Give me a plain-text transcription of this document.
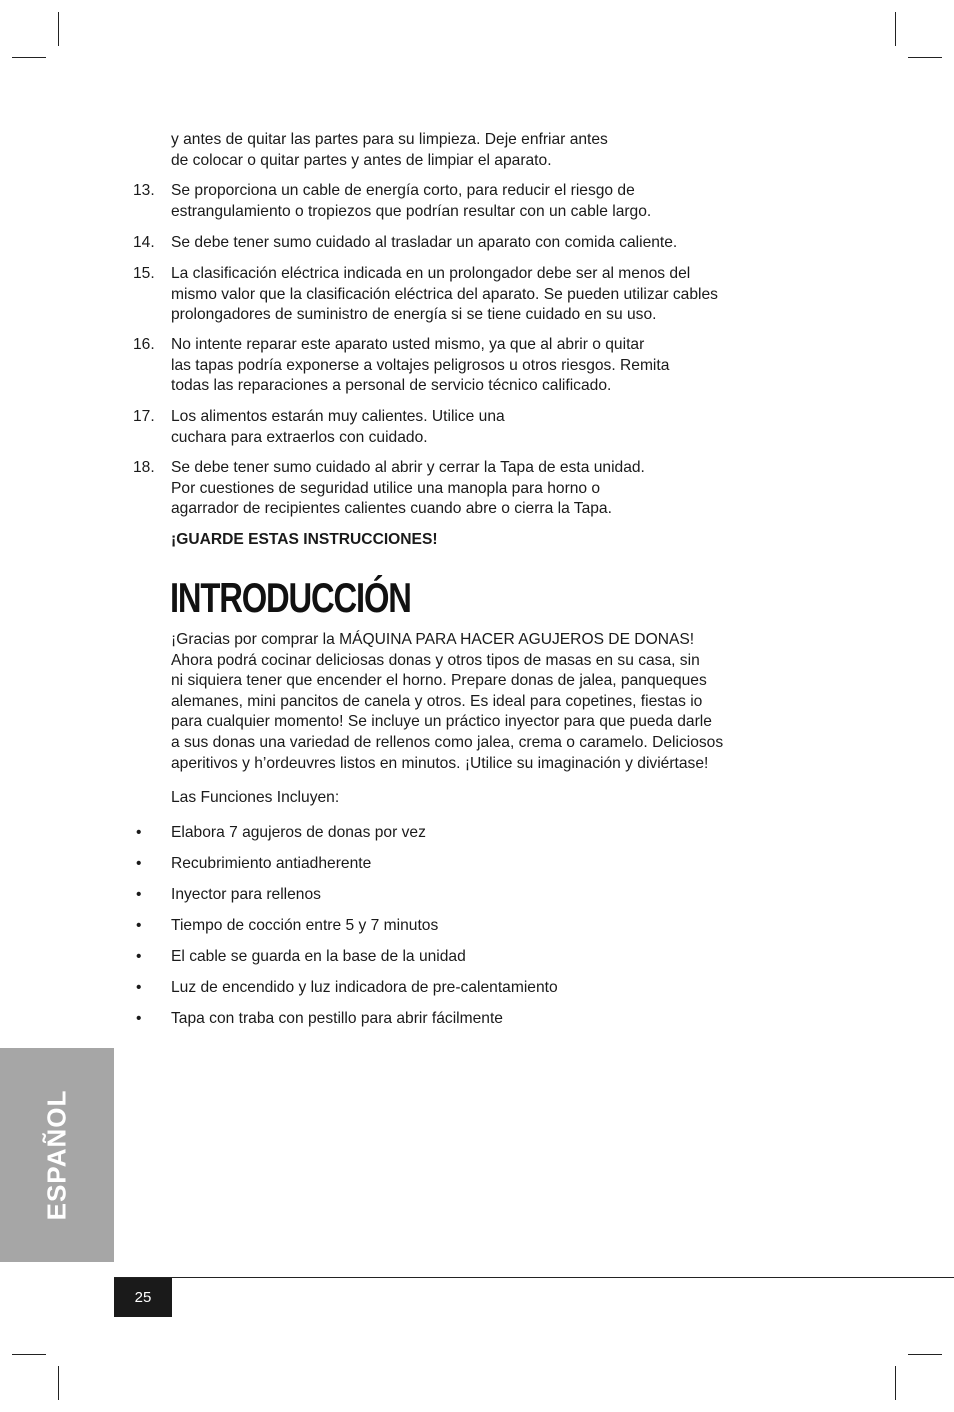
y antes de quitar las partes para su limpieza. Deje enfriar antes
de colocar o quitar partes y antes de limpiar el aparato.

13. Se proporciona un cable de energía corto, para reducir el riesgo de
estrangulamiento o tropiezos que podrían resultar con un cable largo.

14. Se debe tener sumo cuidado al trasladar un aparato con comida caliente.

15. La clasificación eléctrica indicada en un prolongador debe ser al menos del
mismo valor que la clasificación eléctrica del aparato. Se pueden utilizar cables
prolongadores de suministro de energía si se tiene cuidado en su uso.

16. No intente reparar este aparato usted mismo, ya que al abrir o quitar
las tapas podría exponerse a voltajes peligrosos u otros riesgos. Remita
todas las reparaciones a personal de servicio técnico calificado.

17. Los alimentos estarán muy calientes. Utilice una
cuchara para extraerlos con cuidado.

18. Se debe tener sumo cuidado al abrir y cerrar la Tapa de esta unidad.
Por cuestiones de seguridad utilice una manopla para horno o
agarrador de recipientes calientes cuando abre o cierra la Tapa.

¡GUARDE ESTAS INSTRUCCIONES!

INTRODUCCIÓN

¡Gracias por comprar la MÁQUINA PARA HACER AGUJEROS DE DONAS!
Ahora podrá cocinar deliciosas donas y otros tipos de masas en su casa, sin
ni siquiera tener que encender el horno. Prepare donas de jalea, panqueques
alemanes, mini pancitos de canela y otros. Es ideal para copetines, fiestas io
para cualquier momento! Se incluye un práctico inyector para que pueda darle
a sus donas una variedad de rellenos como jalea, crema o caramelo. Deliciosos
aperitivos y h’ordeuvres listos en minutos. ¡Utilice su imaginación y diviértase!

Las Funciones Incluyen:

• Elabora 7 agujeros de donas por vez
• Recubrimiento antiadherente
• Inyector para rellenos
• Tiempo de cocción entre 5 y 7 minutos
• El cable se guarda en la base de la unidad
• Luz de encendido y luz indicadora de pre-calentamiento
• Tapa con traba con pestillo para abrir fácilmente
ESPAÑOL
25
